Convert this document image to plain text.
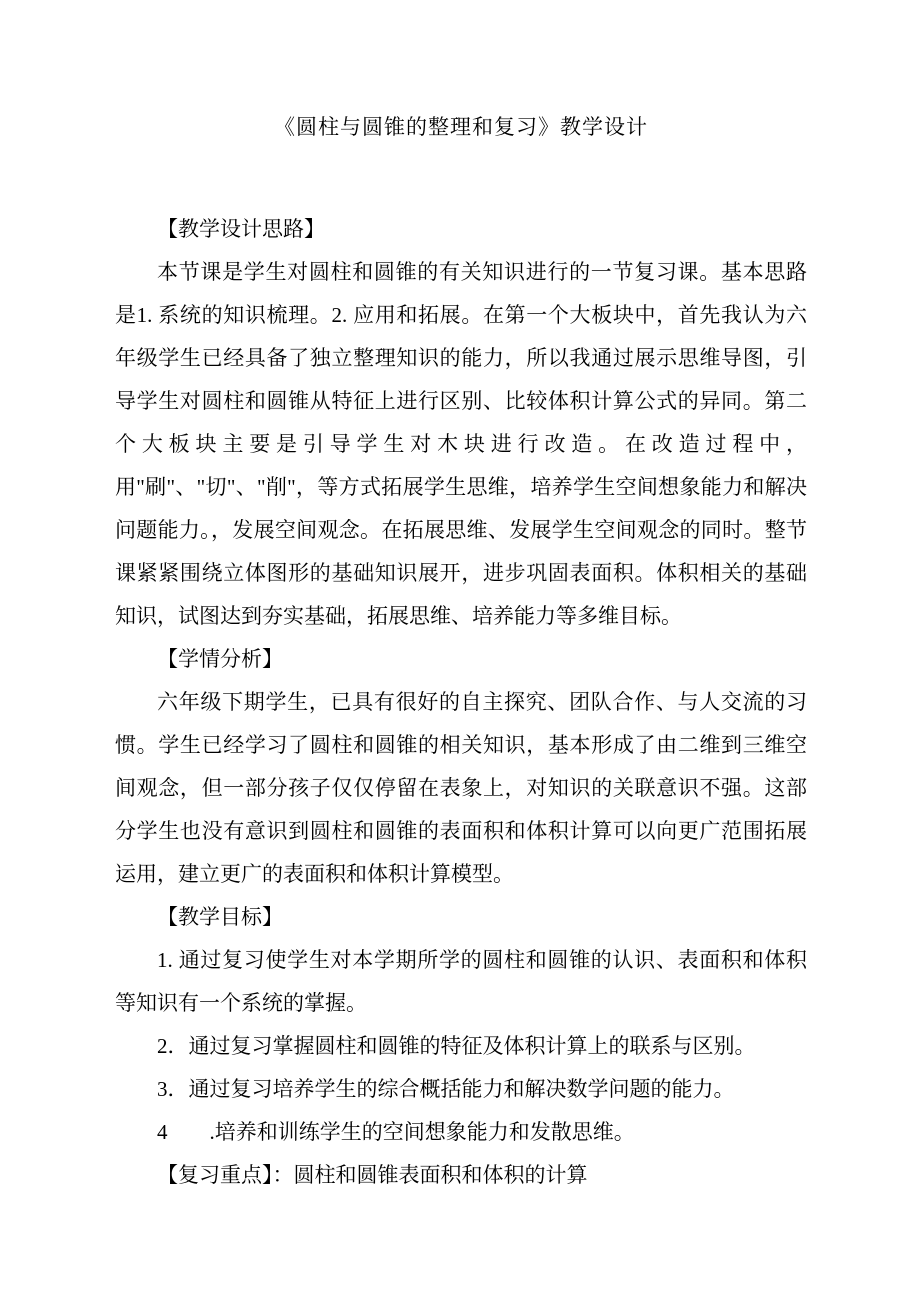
《圆柱与圆锥的整理和复习》教学设计

【教学设计思路】

本节课是学生对圆柱和圆锥的有关知识进行的一节复习课。基本思路是1. 系统的知识梳理。2. 应用和拓展。在第一个大板块中，首先我认为六年级学生已经具备了独立整理知识的能力，所以我通过展示思维导图，引导学生对圆柱和圆锥从特征上进行区别、比较体积计算公式的异同。第二个大板块主要是引导学生对木块进行改造。在改造过程中，用"刷"、"切"、"削"，等方式拓展学生思维，培养学生空间想象能力和解决问题能力。，发展空间观念。在拓展思维、发展学生空间观念的同时。整节课紧紧围绕立体图形的基础知识展开，进步巩固表面积。体积相关的基础知识，试图达到夯实基础，拓展思维、培养能力等多维目标。

【学情分析】

六年级下期学生，已具有很好的自主探究、团队合作、与人交流的习惯。学生已经学习了圆柱和圆锥的相关知识，基本形成了由二维到三维空间观念，但一部分孩子仅仅停留在表象上，对知识的关联意识不强。这部分学生也没有意识到圆柱和圆锥的表面积和体积计算可以向更广范围拓展运用，建立更广的表面积和体积计算模型。

【教学目标】

1. 通过复习使学生对本学期所学的圆柱和圆锥的认识、表面积和体积等知识有一个系统的掌握。

2．通过复习掌握圆柱和圆锥的特征及体积计算上的联系与区别。

3．通过复习培养学生的综合概括能力和解决数学问题的能力。

4　　.培养和训练学生的空间想象能力和发散思维。

【复习重点】：圆柱和圆锥表面积和体积的计算
